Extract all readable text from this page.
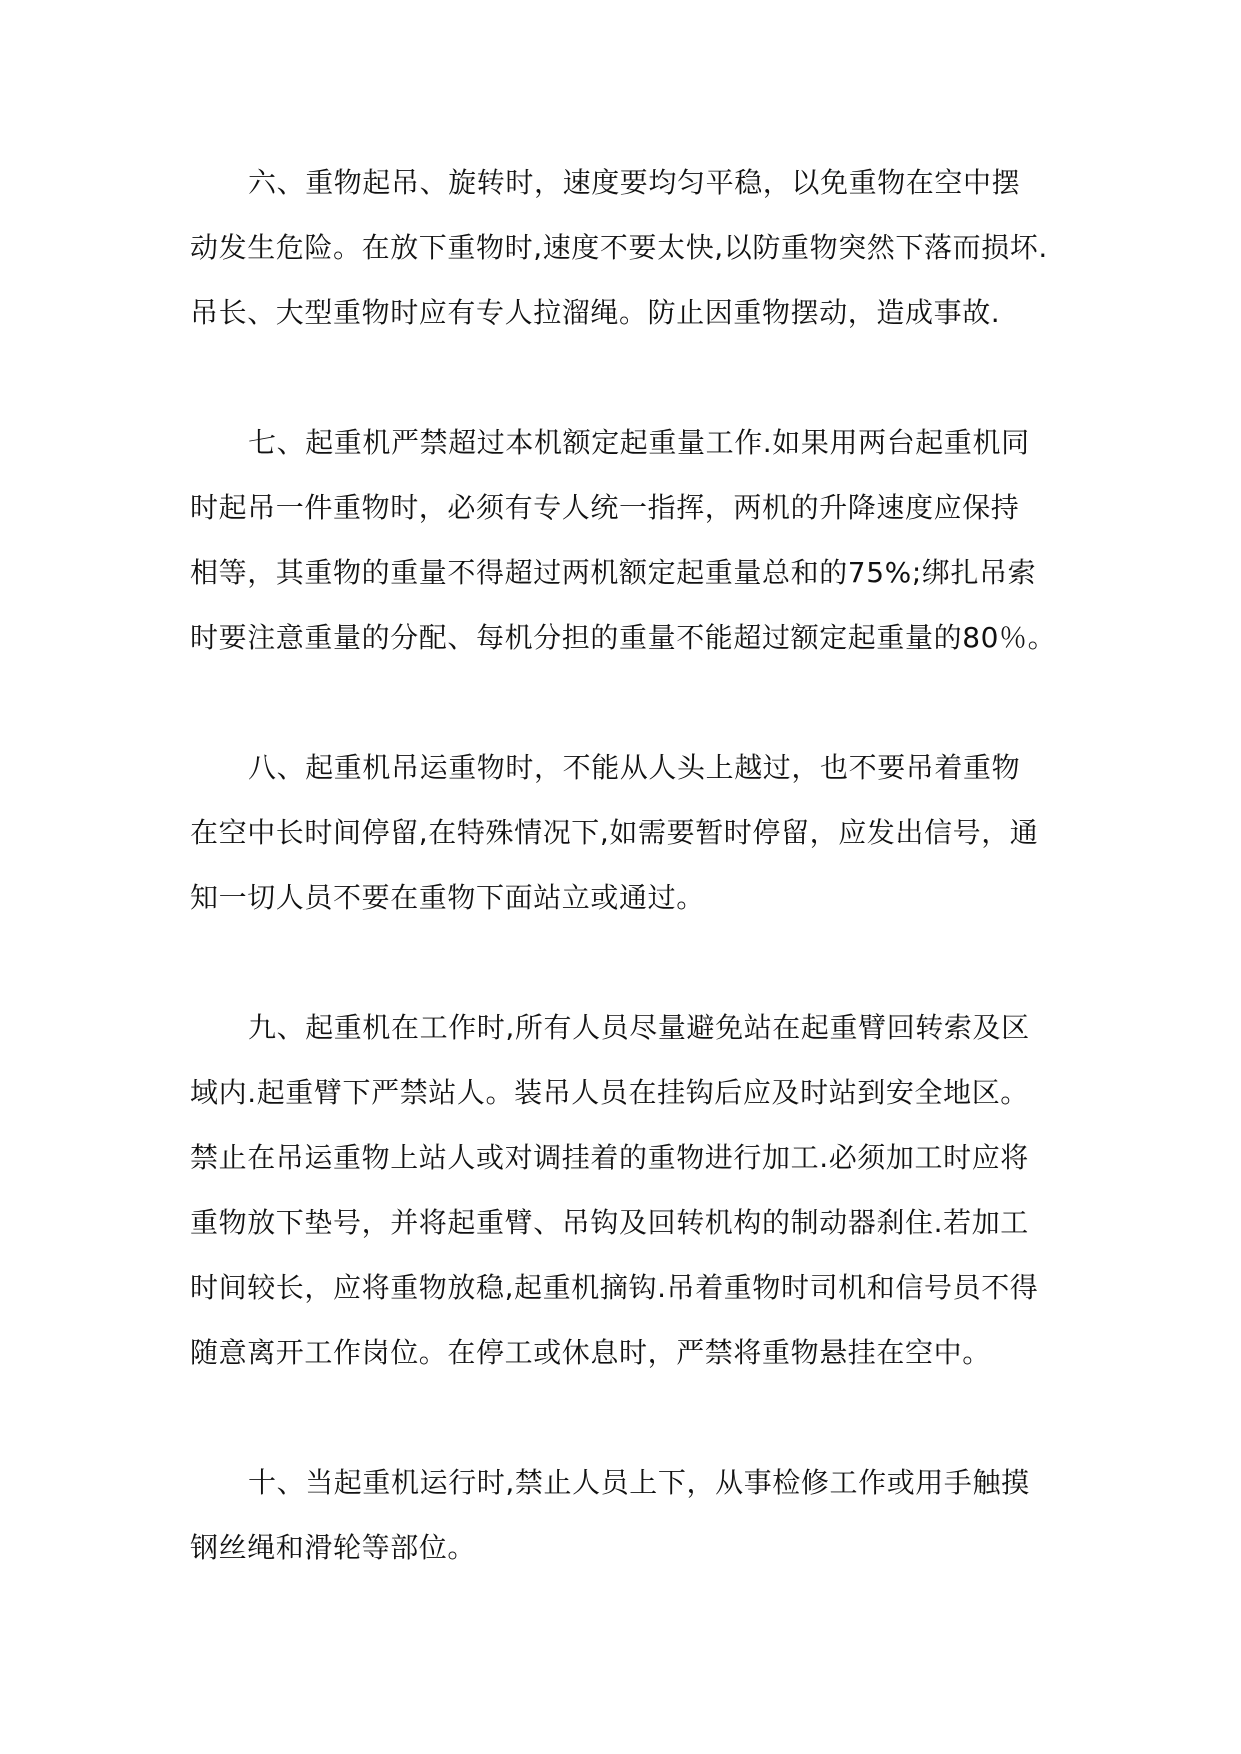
六、重物起吊、旋转时，速度要均匀平稳，以免重物在空中摆
动发生危险。在放下重物时,速度不要太快,以防重物突然下落而损坏.
吊长、大型重物时应有专人拉溜绳。防止因重物摆动，造成事故.
七、起重机严禁超过本机额定起重量工作.如果用两台起重机同
时起吊一件重物时，必须有专人统一指挥，两机的升降速度应保持
相等，其重物的重量不得超过两机额定起重量总和的75%;绑扎吊索
时要注意重量的分配、每机分担的重量不能超过额定起重量的80％。
八、起重机吊运重物时，不能从人头上越过，也不要吊着重物
在空中长时间停留,在特殊情况下,如需要暂时停留，应发出信号，通
知一切人员不要在重物下面站立或通过。
九、起重机在工作时,所有人员尽量避免站在起重臂回转索及区
域内.起重臂下严禁站人。装吊人员在挂钩后应及时站到安全地区。
禁止在吊运重物上站人或对调挂着的重物进行加工.必须加工时应将
重物放下垫号，并将起重臂、吊钩及回转机构的制动器刹住.若加工
时间较长，应将重物放稳,起重机摘钩.吊着重物时司机和信号员不得
随意离开工作岗位。在停工或休息时，严禁将重物悬挂在空中。
十、当起重机运行时,禁止人员上下，从事检修工作或用手触摸
钢丝绳和滑轮等部位。
